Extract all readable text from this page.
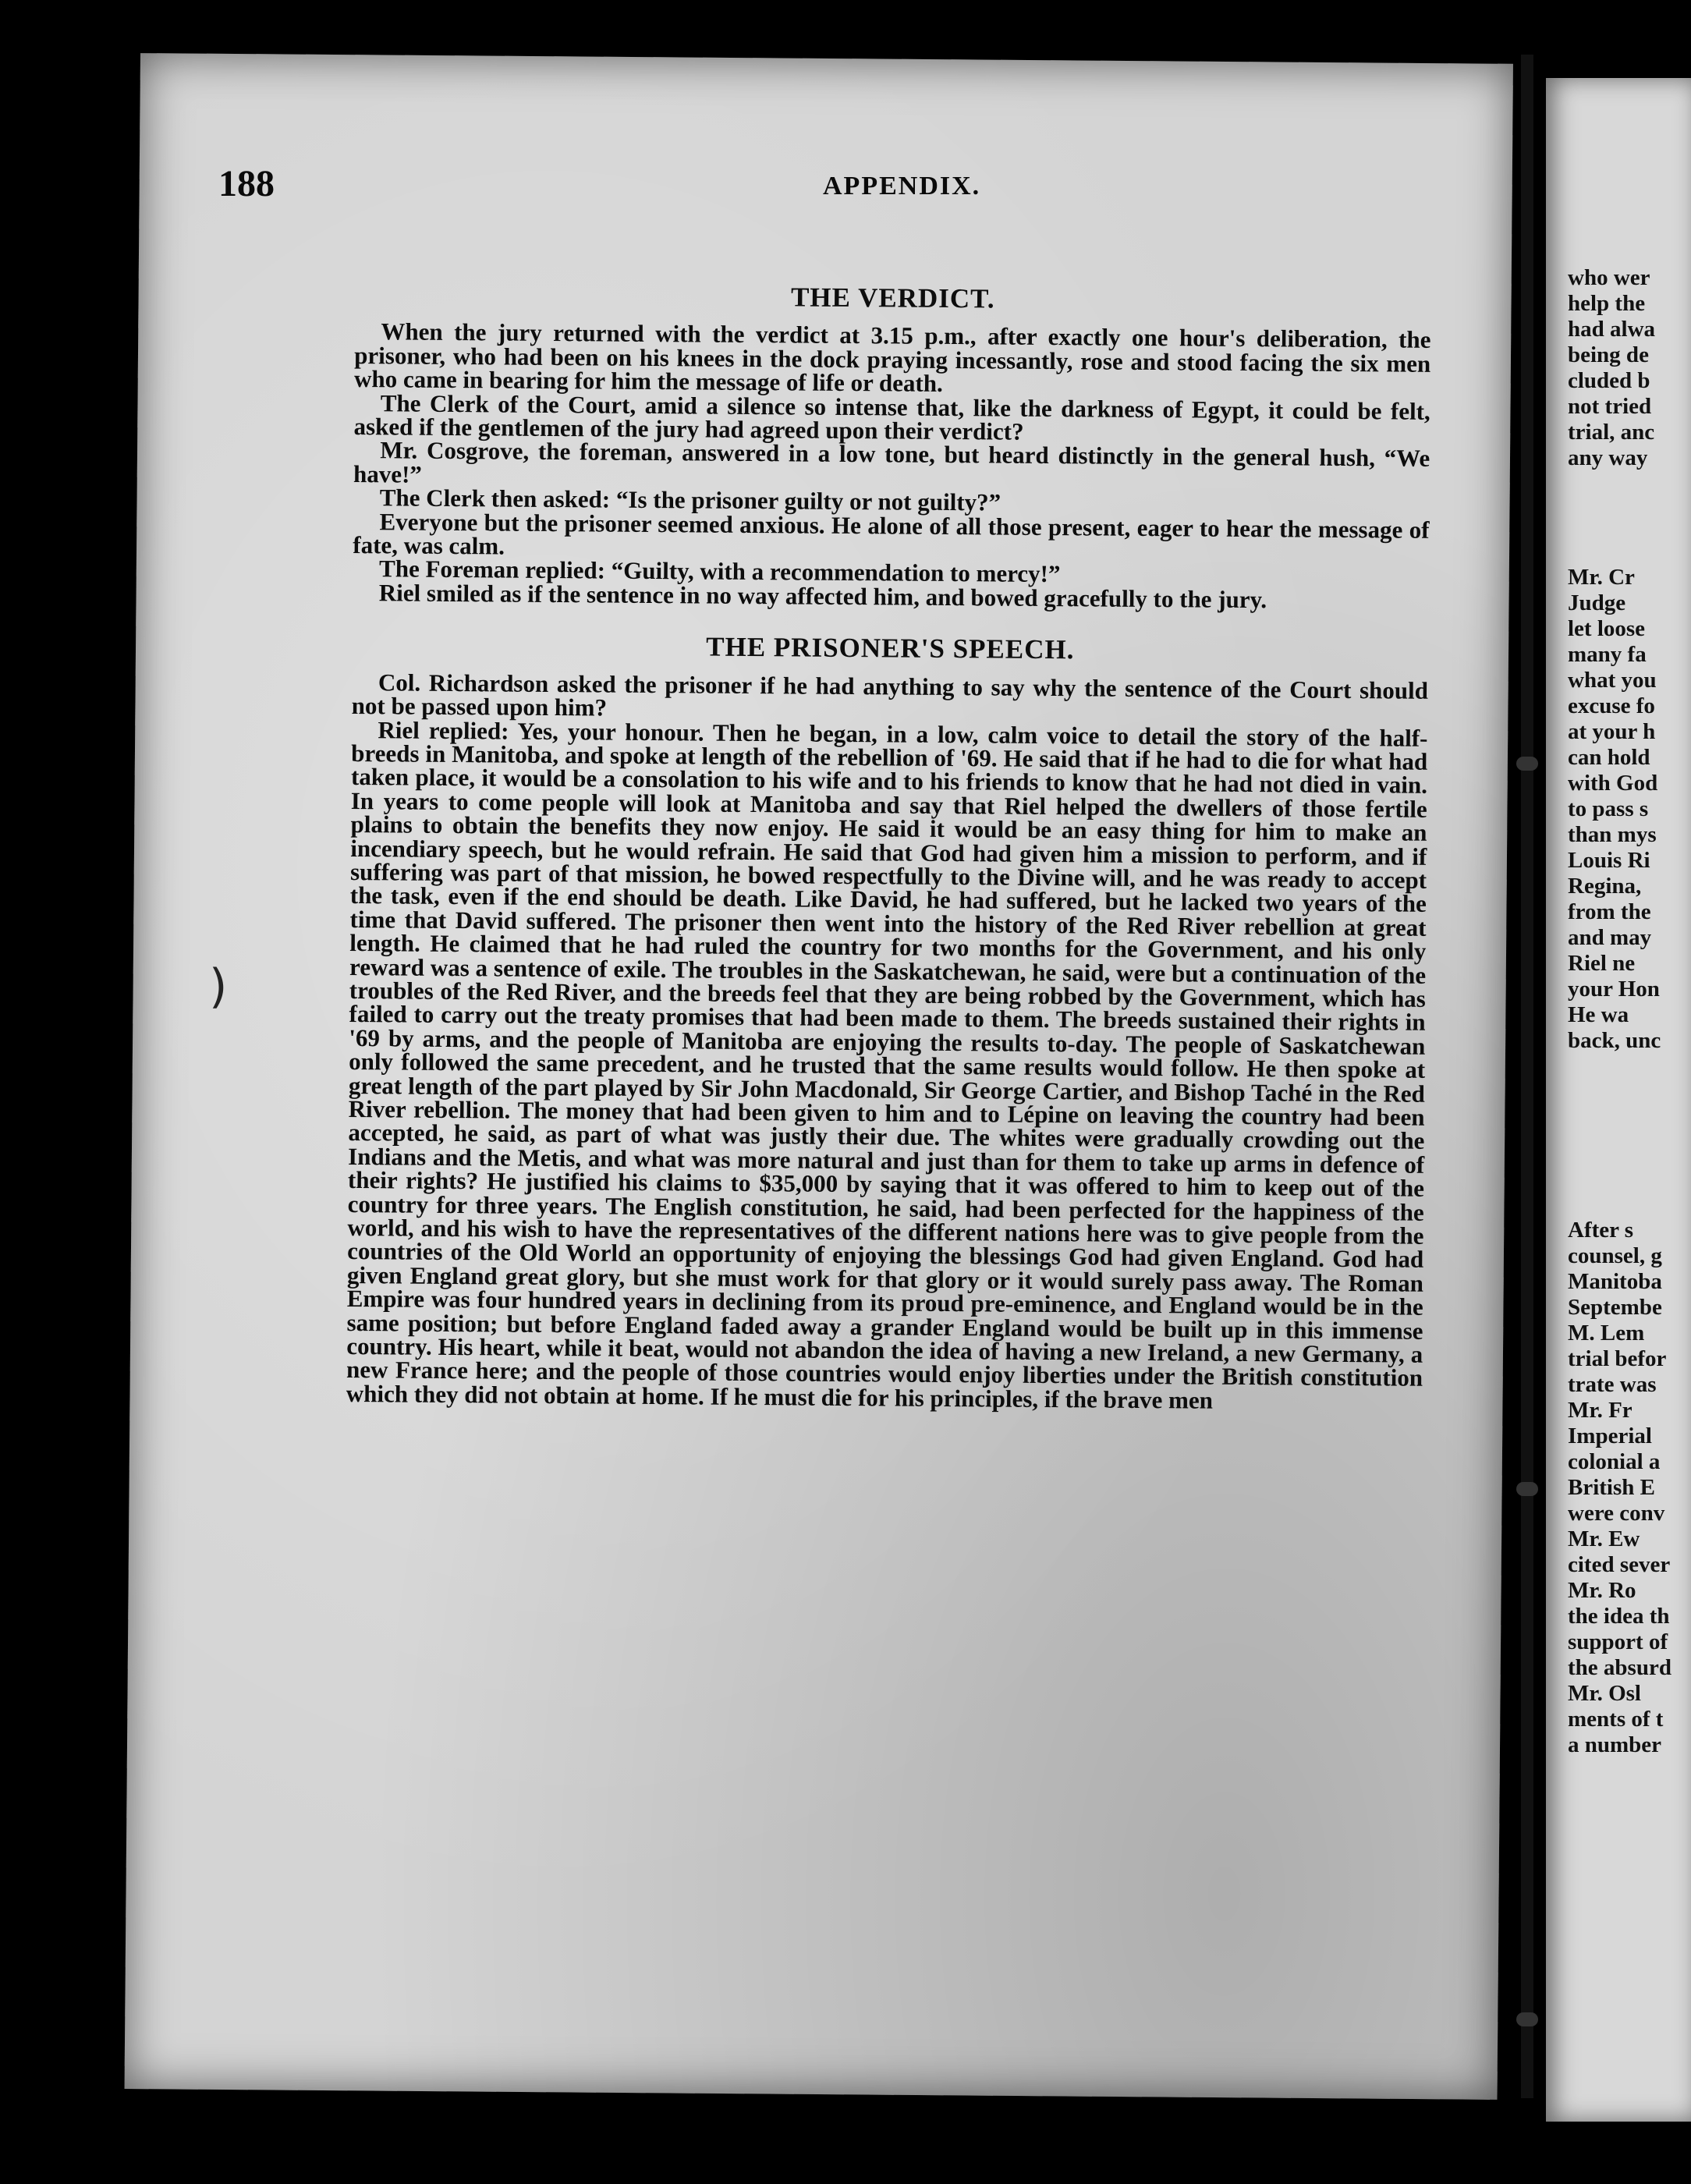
who wer
help the
had alwa
being de
cluded b
not tried
trial, anc
any way
Mr. Cr
Judge
let loose
many fa
what you
excuse fo
at your h
can hold
with God
to pass s
than mys
Louis Ri
Regina,
from the
and may
Riel ne
your Hon
He wa
back, unc
After s
counsel, g
Manitoba
Septembe
M. Lem
trial befor
trate was
Mr. Fr
Imperial
colonial a
British E
were conv
Mr. Ew
cited sever
Mr. Ro
the idea th
support of
the absurd
Mr. Osl
ments of t
a number
188	APPENDIX.
THE VERDICT.

When the jury returned with the verdict at 3.15 p.m., after exactly one hour's deliberation, the prisoner, who had been on his knees in the dock praying incessantly, rose and stood facing the six men who came in bearing for him the message of life or death.

The Clerk of the Court, amid a silence so intense that, like the darkness of Egypt, it could be felt, asked if the gentlemen of the jury had agreed upon their verdict?

Mr. Cosgrove, the foreman, answered in a low tone, but heard distinctly in the general hush, “We have!”

The Clerk then asked: “Is the prisoner guilty or not guilty?”

Everyone but the prisoner seemed anxious. He alone of all those present, eager to hear the message of fate, was calm.

The Foreman replied: “Guilty, with a recommendation to mercy!”

Riel smiled as if the sentence in no way affected him, and bowed gracefully to the jury.

THE PRISONER'S SPEECH.

Col. Richardson asked the prisoner if he had anything to say why the sentence of the Court should not be passed upon him?

Riel replied: Yes, your honour. Then he began, in a low, calm voice to detail the story of the half-breeds in Manitoba, and spoke at length of the rebellion of '69. He said that if he had to die for what had taken place, it would be a consolation to his wife and to his friends to know that he had not died in vain. In years to come people will look at Manitoba and say that Riel helped the dwellers of those fertile plains to obtain the benefits they now enjoy. He said it would be an easy thing for him to make an incendiary speech, but he would refrain. He said that God had given him a mission to perform, and if suffering was part of that mission, he bowed respectfully to the Divine will, and he was ready to accept the task, even if the end should be death. Like David, he had suffered, but he lacked two years of the time that David suffered. The prisoner then went into the history of the Red River rebellion at great length. He claimed that he had ruled the country for two months for the Government, and his only reward was a sentence of exile. The troubles in the Saskatchewan, he said, were but a continuation of the troubles of the Red River, and the breeds feel that they are being robbed by the Government, which has failed to carry out the treaty promises that had been made to them. The breeds sustained their rights in '69 by arms, and the people of Manitoba are enjoying the results to-day. The people of Saskatchewan only followed the same precedent, and he trusted that the same results would follow. He then spoke at great length of the part played by Sir John Macdonald, Sir George Cartier, and Bishop Taché in the Red River rebellion. The money that had been given to him and to Lépine on leaving the country had been accepted, he said, as part of what was justly their due. The whites were gradually crowding out the Indians and the Metis, and what was more natural and just than for them to take up arms in defence of their rights? He justified his claims to $35,000 by saying that it was offered to him to keep out of the country for three years. The English constitution, he said, had been perfected for the happiness of the world, and his wish to have the representatives of the different nations here was to give people from the countries of the Old World an opportunity of enjoying the blessings God had given England. God had given England great glory, but she must work for that glory or it would surely pass away. The Roman Empire was four hundred years in declining from its proud pre-eminence, and England would be in the same position; but before England faded away a grander England would be built up in this immense country. His heart, while it beat, would not abandon the idea of having a new Ireland, a new Germany, a new France here; and the people of those countries would enjoy liberties under the British constitution which they did not obtain at home. If he must die for his principles, if the brave men

)
